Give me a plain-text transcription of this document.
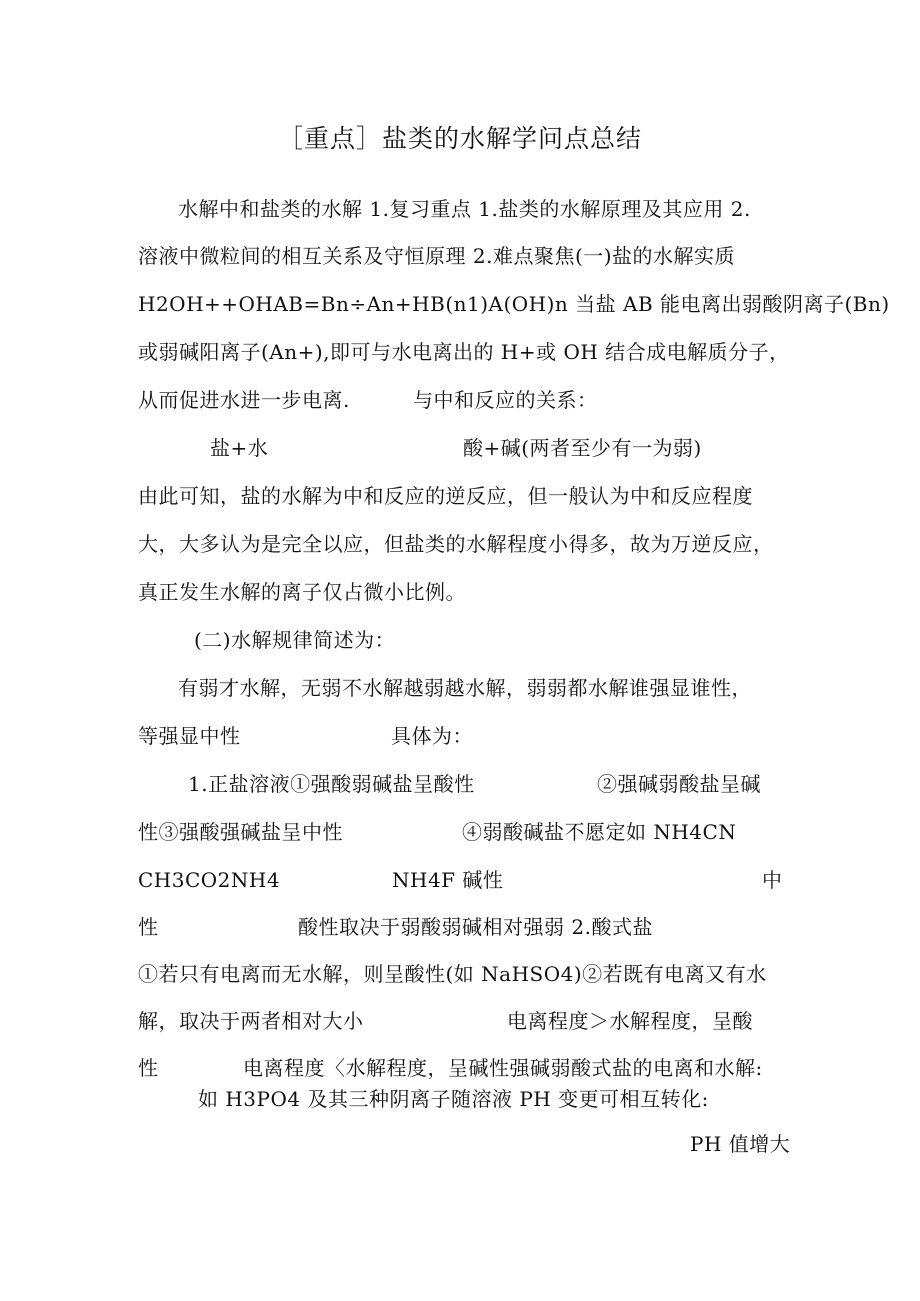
［重点］盐类的水解学问点总结
水解中和盐类的水解 1.复习重点 1.盐类的水解原理及其应用 2.
溶液中微粒间的相互关系及守恒原理 2.难点聚焦(一)盐的水解实质
H2OH++OHAB=Bn÷An+HB(n1)A(OH)n 当盐 AB 能电离出弱酸阴离子(Bn)
或弱碱阳离子(An+),即可与水电离出的 H+或 OH 结合成电解质分子，
从而促进水进一步电离.	与中和反应的关系：
盐+水	酸+碱(两者至少有一为弱)
由此可知，盐的水解为中和反应的逆反应，但一般认为中和反应程度
大，大多认为是完全以应，但盐类的水解程度小得多，故为万逆反应，
真正发生水解的离子仅占微小比例。
(二)水解规律简述为：
有弱才水解，无弱不水解越弱越水解，弱弱都水解谁强显谁性，
等强显中性	具体为：
1.正盐溶液①强酸弱碱盐呈酸性	②强碱弱酸盐呈碱
性③强酸强碱盐呈中性	④弱酸碱盐不愿定如 NH4CN
CH3CO2NH4	NH4F 碱性	中
性	酸性取决于弱酸弱碱相对强弱 2.酸式盐
①若只有电离而无水解，则呈酸性(如 NaHSO4)②若既有电离又有水
解，取决于两者相对大小	电离程度＞水解程度，呈酸
性	电离程度〈水解程度，呈碱性强碱弱酸式盐的电离和水解:
如 H3PO4 及其三种阴离子随溶液 PH 变更可相互转化:
PH 值增大
